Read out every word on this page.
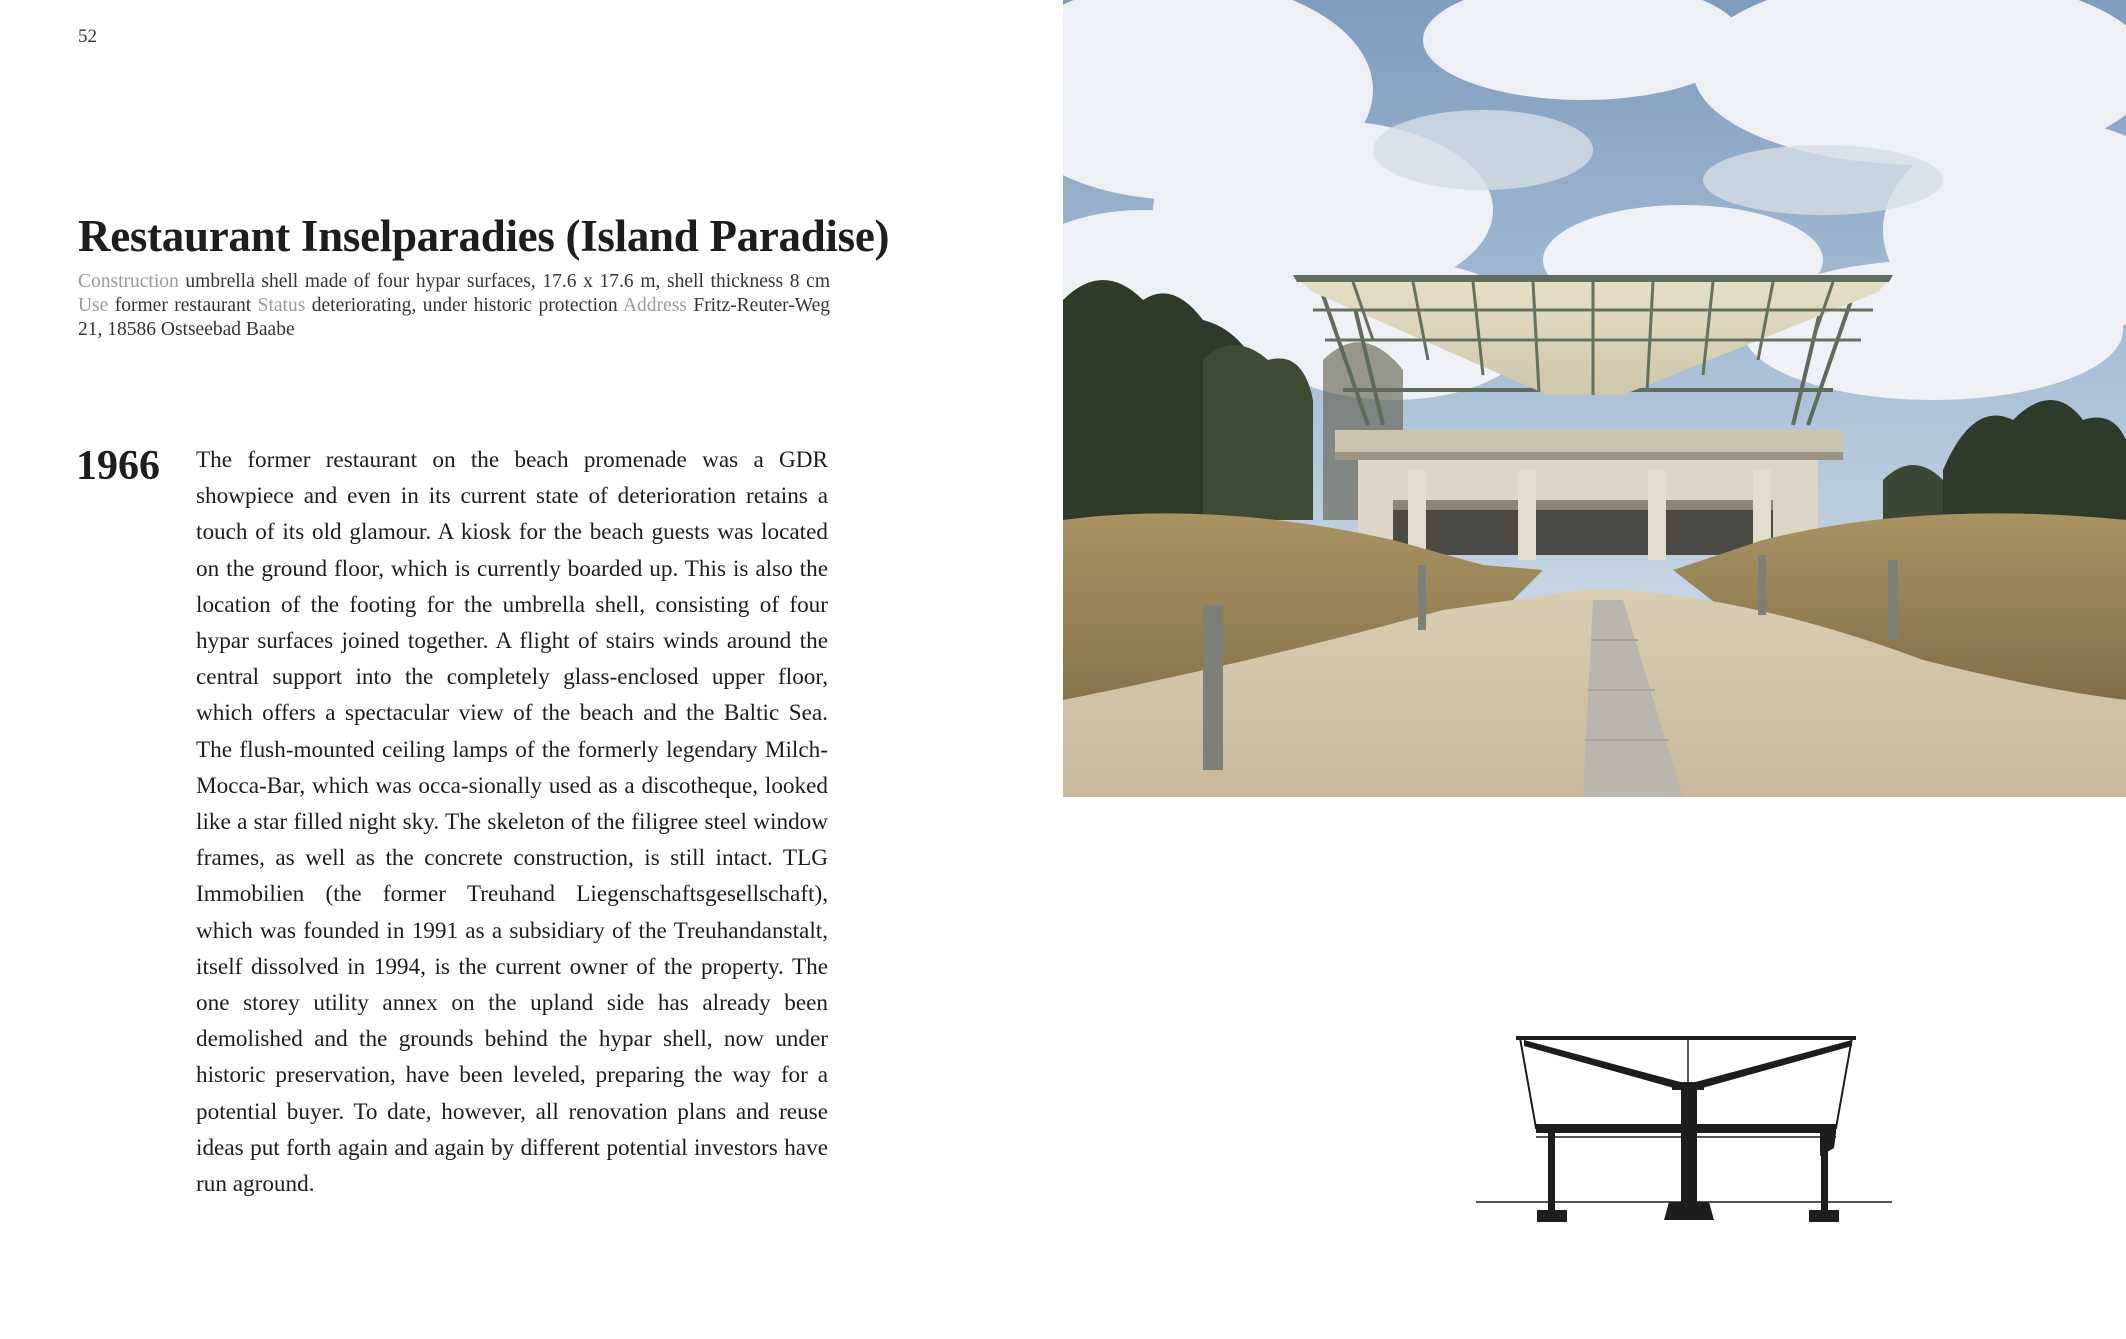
52
Restaurant Inselparadies (Island Paradise)
Construction umbrella shell made of four hypar surfaces, 17.6 x 17.6 m, shell thickness 8 cm Use former restaurant Status deteriorating, under historic protection Address Fritz-Reuter-Weg 21, 18586 Ostseebad Baabe
1966 The former restaurant on the beach promenade was a GDR showpiece and even in its current state of deterioration retains a touch of its old glamour. A kiosk for the beach guests was located on the ground floor, which is currently boarded up. This is also the location of the footing for the umbrella shell, consisting of four hypar surfaces joined together. A flight of stairs winds around the central support into the completely glass-enclosed upper floor, which offers a spectacular view of the beach and the Baltic Sea. The flush-mounted ceiling lamps of the formerly legendary Milch-Mocca-Bar, which was occa-sionally used as a discotheque, looked like a star filled night sky. The skeleton of the filigree steel window frames, as well as the concrete construction, is still intact. TLG Immobilien (the former Treuhand Liegenschaftsgesellschaft), which was founded in 1991 as a subsidiary of the Treuhandanstalt, itself dissolved in 1994, is the current owner of the property. The one storey utility annex on the upland side has already been demolished and the grounds behind the hypar shell, now under historic preservation, have been leveled, preparing the way for a potential buyer. To date, however, all renovation plans and reuse ideas put forth again and again by different potential investors have run aground.
